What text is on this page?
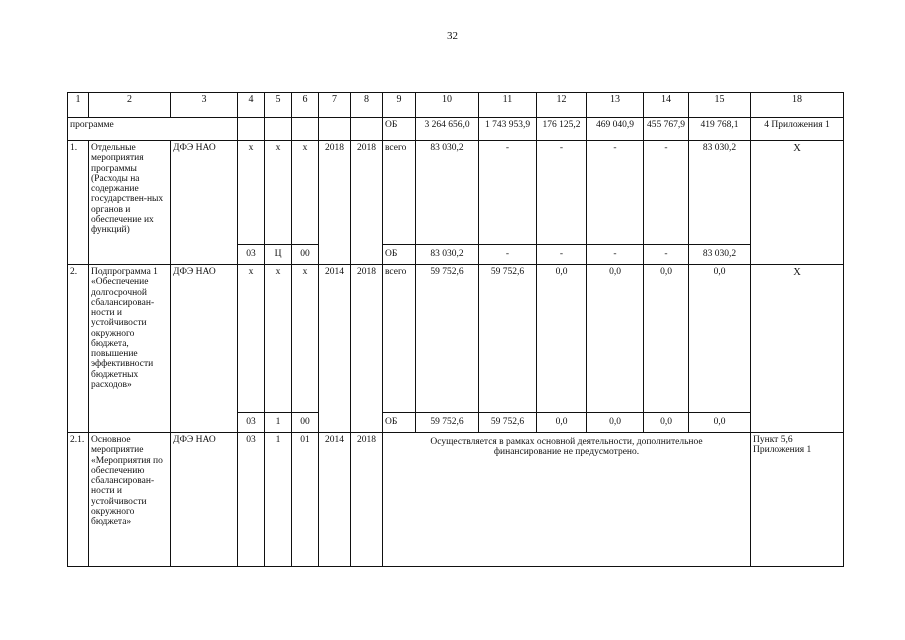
32
1	2	3	4	5	6	7	8	9	10	11	12	13	14	15	18
программе								ОБ	3 264 656,0	1 743 953,9	176 125,2	469 040,9	455 767,9	419 768,1	4 Приложения 1
1.	Отдельные мероприятия программы (Расходы на содержание государствен-ных органов и обеспечение их функций)	ДФЭ НАО	х	х	х	2018	2018	всего	83 030,2	-	-	-	-	83 030,2	Х
			03	Ц	00			ОБ	83 030,2	-	-	-	-	83 030,2	
2.	Подпрограмма 1 «Обеспечение долгосрочной сбалансирован-ности и устойчивости окружного бюджета, повышение эффективности бюджетных расходов»	ДФЭ НАО	х	х	х	2014	2018	всего	59 752,6	59 752,6	0,0	0,0	0,0	0,0	Х
			03	1	00			ОБ	59 752,6	59 752,6	0,0	0,0	0,0	0,0	
2.1.	Основное мероприятие «Мероприятия по обеспечению сбалансирован-ности и устойчивости окружного бюджета»	ДФЭ НАО	03	1	01	2014	2018	Осуществляется в рамках основной деятельности, дополнительное финансирование не предусмотрено.							Пункт 5,6 Приложения 1
